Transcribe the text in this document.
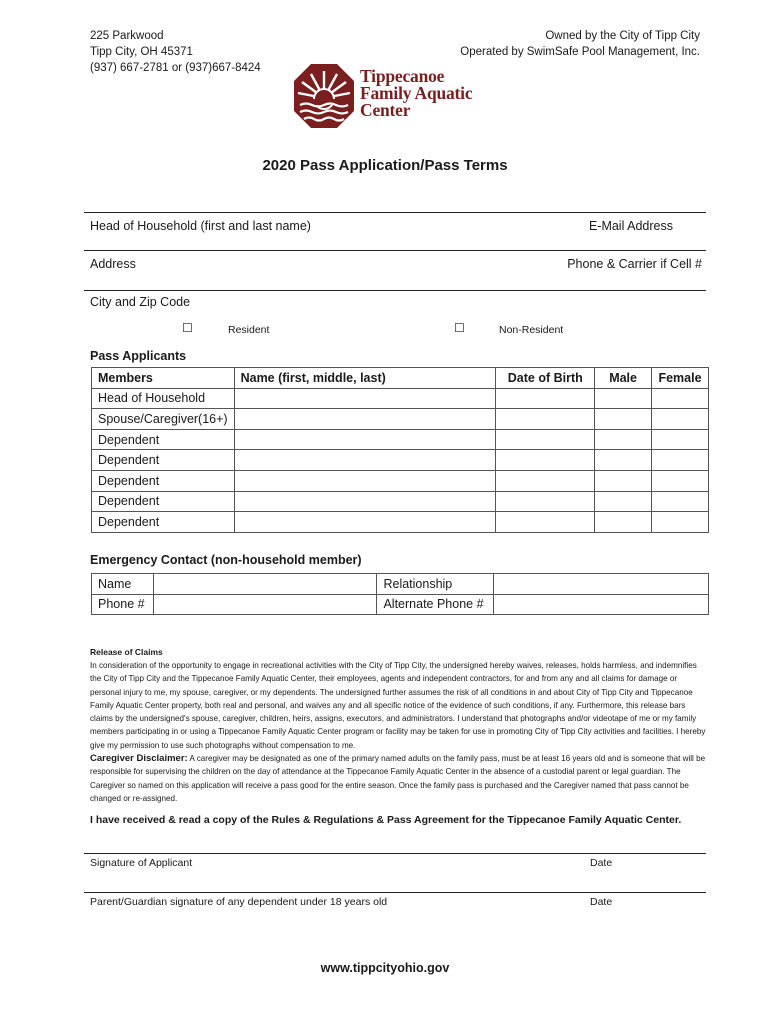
225 Parkwood
Tipp City, OH 45371
(937) 667-2781 or (937)667-8424
Owned by the City of Tipp City
Operated by SwimSafe Pool Management, Inc.
Tippecanoe
Family Aquatic
Center
2020 Pass Application/Pass Terms
Head of Household (first and last name)	E-Mail Address
Address	Phone & Carrier if Cell #
City and Zip Code
☐	Resident	☐	Non-Resident
Pass Applicants
Members	Name (first, middle, last)	Date of Birth	Male	Female
Head of Household				
Spouse/Caregiver(16+)				
Dependent				
Dependent				
Dependent				
Dependent				
Dependent				
Emergency Contact (non-household member)
Name		Relationship	
Phone #		Alternate Phone #	
Release of Claims
In consideration of the opportunity to engage in recreational activities with the City of Tipp City, the undersigned hereby waives, releases, holds harmless, and indemnifies the City of Tipp City and the Tippecanoe Family Aquatic Center, their employees, agents and independent contractors, for and from any and all claims for damage or personal injury to me, my spouse, caregiver, or my dependents. The undersigned further assumes the risk of all conditions in and about City of Tipp City and Tippecanoe Family Aquatic Center property, both real and personal, and waives any and all specific notice of the evidence of such conditions, if any. Furthermore, this release bars claims by the undersigned's spouse, caregiver, children, heirs, assigns, executors, and administrators. I understand that photographs and/or videotape of me or my family members participating in or using a Tippecanoe Family Aquatic Center program or facility may be taken for use in promoting City of Tipp City activities and facilities. I hereby give my permission to use such photographs without compensation to me.
Caregiver Disclaimer: A caregiver may be designated as one of the primary named adults on the family pass, must be at least 16 years old and is someone that will be responsible for supervising the children on the day of attendance at the Tippecanoe Family Aquatic Center in the absence of a custodial parent or legal guardian. The Caregiver so named on this application will receive a pass good for the entire season. Once the family pass is purchased and the Caregiver named that pass cannot be changed or re-assigned.
I have received & read a copy of the Rules & Regulations & Pass Agreement for the Tippecanoe Family Aquatic Center.
Signature of Applicant	Date
Parent/Guardian signature of any dependent under 18 years old	Date
www.tippcityohio.gov
